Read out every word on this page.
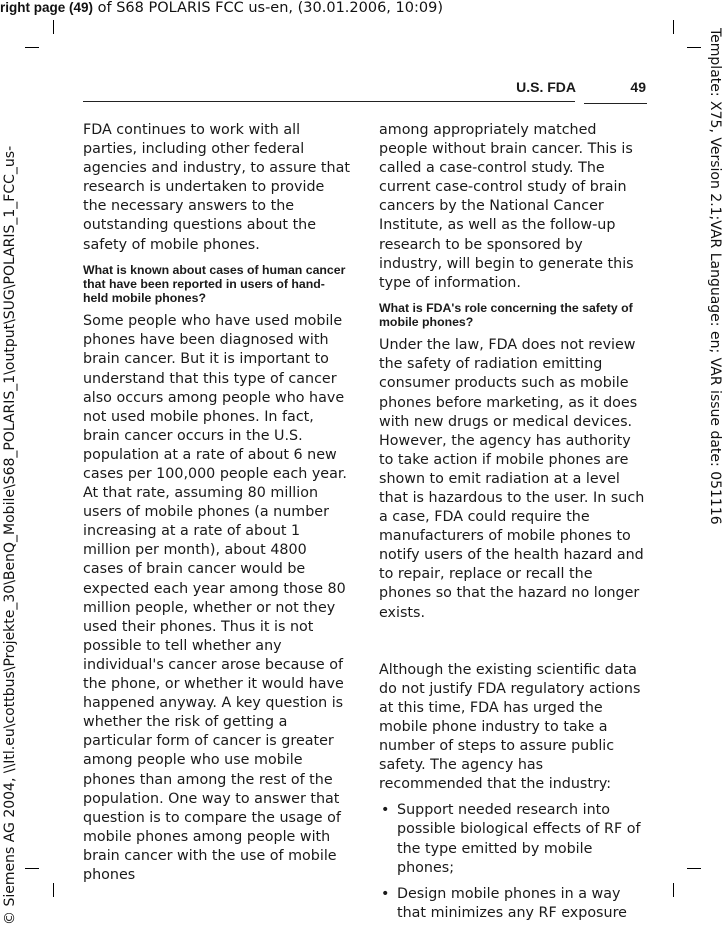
right page (49) of S68 POLARIS FCC us-en, (30.01.2006, 10:09)
Template: X75, Version 2.1;VAR Language: en; VAR issue date: 051116
© Siemens AG 2004, \\Itl.eu\cottbus\Projekte_30\BenQ_Mobile\S68_POLARIS_1\output\SUG\POLARIS_1_FCC_us-
U.S. FDA	49

FDA continues to work with all parties, including other federal agencies and industry, to assure that research is undertaken to provide the necessary answers to the outstanding questions about the safety of mobile phones.

What is known about cases of human cancer that have been reported in users of hand-held mobile phones?

Some people who have used mobile phones have been diagnosed with brain cancer. But it is important to understand that this type of cancer also occurs among people who have not used mobile phones. In fact, brain cancer occurs in the U.S. population at a rate of about 6 new cases per 100,000 people each year. At that rate, assuming 80 million users of mobile phones (a number increasing at a rate of about 1 million per month), about 4800 cases of brain cancer would be expected each year among those 80 million people, whether or not they used their phones. Thus it is not possible to tell whether any individual's cancer arose because of the phone, or whether it would have happened anyway. A key question is whether the risk of getting a particular form of cancer is greater among people who use mobile phones than among the rest of the population. One way to answer that question is to compare the usage of mobile phones among people with brain cancer with the use of mobile phones

among appropriately matched people without brain cancer. This is called a case-control study. The current case-control study of brain cancers by the National Cancer Institute, as well as the follow-up research to be sponsored by industry, will begin to generate this type of information.

What is FDA's role concerning the safety of mobile phones?

Under the law, FDA does not review the safety of radiation emitting consumer products such as mobile phones before marketing, as it does with new drugs or medical devices. However, the agency has authority to take action if mobile phones are shown to emit radiation at a level that is hazardous to the user. In such a case, FDA could require the manufacturers of mobile phones to notify users of the health hazard and to repair, replace or recall the phones so that the hazard no longer exists.

Although the existing scientific data do not justify FDA regulatory actions at this time, FDA has urged the mobile phone industry to take a number of steps to assure public safety. The agency has recommended that the industry:

• Support needed research into possible biological effects of RF of the type emitted by mobile phones;
• Design mobile phones in a way that minimizes any RF exposure
